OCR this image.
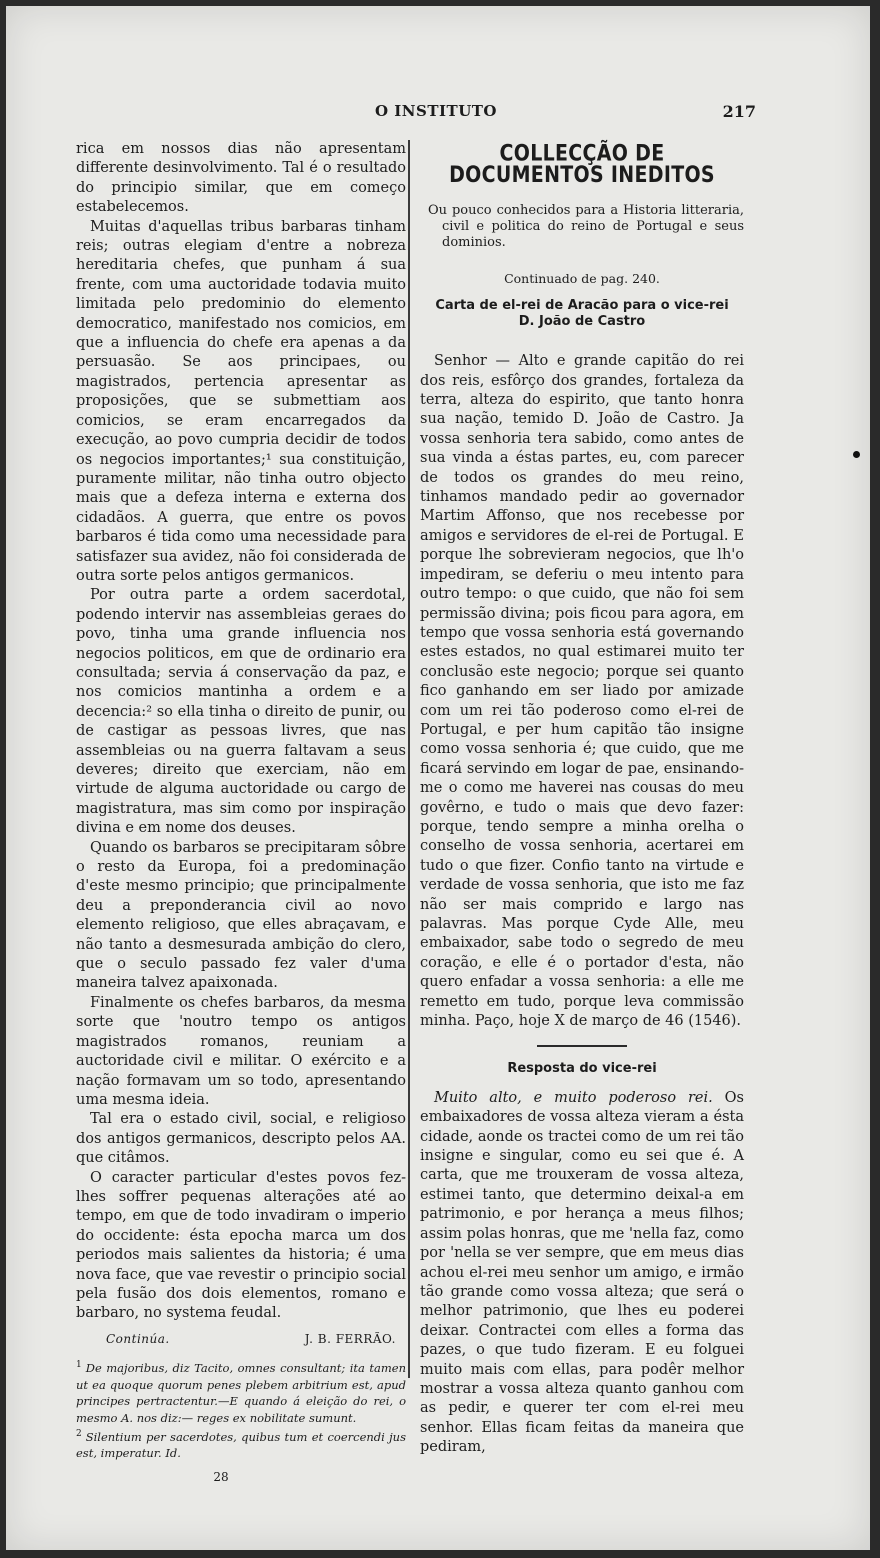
O INSTITUTO	217

rica em nossos dias não apresentam differente desinvolvimento. Tal é o resultado do principio similar, que em começo estabelecemos.

Muitas d'aquellas tribus barbaras tinham reis; outras elegiam d'entre a nobreza hereditaria chefes, que punham á sua frente, com uma auctoridade todavia muito limitada pelo predominio do elemento democratico, manifestado nos comicios, em que a influencia do chefe era apenas a da persuasão. Se aos principaes, ou magistrados, pertencia apresentar as proposições, que se submettiam aos comicios, se eram encarregados da execução, ao povo cumpria decidir de todos os negocios importantes;¹ sua constituição, puramente militar, não tinha outro objecto mais que a defeza interna e externa dos cidadãos. A guerra, que entre os povos barbaros é tida como uma necessidade para satisfazer sua avidez, não foi considerada de outra sorte pelos antigos germanicos.

Por outra parte a ordem sacerdotal, podendo intervir nas assembleias geraes do povo, tinha uma grande influencia nos negocios politicos, em que de ordinario era consultada; servia á conservação da paz, e nos comicios mantinha a ordem e a decencia:² so ella tinha o direito de punir, ou de castigar as pessoas livres, que nas assembleias ou na guerra faltavam a seus deveres; direito que exerciam, não em virtude de alguma auctoridade ou cargo de magistratura, mas sim como por inspiração divina e em nome dos deuses.

Quando os barbaros se precipitaram sôbre o resto da Europa, foi a predominação d'este mesmo principio; que principalmente deu a preponderancia civil ao novo elemento religioso, que elles abraçavam, e não tanto a desmesurada ambição do clero, que o seculo passado fez valer d'uma maneira talvez apaixonada.

Finalmente os chefes barbaros, da mesma sorte que 'noutro tempo os antigos magistrados romanos, reuniam a auctoridade civil e militar. O exército e a nação formavam um so todo, apresentando uma mesma ideia.

Tal era o estado civil, social, e religioso dos antigos germanicos, descripto pelos AA. que citâmos.

O caracter particular d'estes povos fez-lhes soffrer pequenas alterações até ao tempo, em que de todo invadiram o imperio do occidente: ésta epocha marca um dos periodos mais salientes da historia; é uma nova face, que vae revestir o principio social pela fusão dos dois elementos, romano e barbaro, no systema feudal.

Continúa.	J. B. FERRÃO.

$^1$ De majoribus, diz Tacito, omnes consultant; ita tamen ut ea quoque quorum penes plebem arbitrium est, apud principes pertractentur.—E quando á eleição do rei, o mesmo A. nos diz:— reges ex nobilitate sumunt.

$^2$ Silentium per sacerdotes, quibus tum et coercendi jus est, imperatur. Id.

28
COLLECÇÃO DE DOCUMENTOS INEDITOS
Ou pouco conhecidos para a Historia litteraria, civil e politica do reino de Portugal e seus dominios.
Continuado de pag. 240.
Carta de el-rei de Aracão para o vice-rei
D. João de Castro

Senhor — Alto e grande capitão do rei dos reis, esfôrço dos grandes, fortaleza da terra, alteza do espirito, que tanto honra sua nação, temido D. João de Castro. Ja vossa senhoria tera sabido, como antes de sua vinda a éstas partes, eu, com parecer de todos os grandes do meu reino, tinhamos mandado pedir ao governador Martim Affonso, que nos recebesse por amigos e servidores de el-rei de Portugal. E porque lhe sobrevieram negocios, que lh'o impediram, se deferiu o meu intento para outro tempo: o que cuido, que não foi sem permissão divina; pois ficou para agora, em tempo que vossa senhoria está governando estes estados, no qual estimarei muito ter conclusão este negocio; porque sei quanto fico ganhando em ser liado por amizade com um rei tão poderoso como el-rei de Portugal, e per hum capitão tão insigne como vossa senhoria é; que cuido, que me ficará servindo em logar de pae, ensinando-me o como me haverei nas cousas do meu govêrno, e tudo o mais que devo fazer: porque, tendo sempre a minha orelha o conselho de vossa senhoria, acertarei em tudo o que fizer. Confio tanto na virtude e verdade de vossa senhoria, que isto me faz não ser mais comprido e largo nas palavras. Mas porque Cyde Alle, meu embaixador, sabe todo o segredo de meu coração, e elle é o portador d'esta, não quero enfadar a vossa senhoria: a elle me remetto em tudo, porque leva commissão minha. Paço, hoje X de março de 46 (1546).

Resposta do vice-rei

Muito alto, e muito poderoso rei. Os embaixadores de vossa alteza vieram a ésta cidade, aonde os tractei como de um rei tão insigne e singular, como eu sei que é. A carta, que me trouxeram de vossa alteza, estimei tanto, que determino deixal-a em patrimonio, e por herança a meus filhos; assim polas honras, que me 'nella faz, como por 'nella se ver sempre, que em meus dias achou el-rei meu senhor um amigo, e irmão tão grande como vossa alteza; que será o melhor patrimonio, que lhes eu poderei deixar. Contractei com elles a forma das pazes, o que tudo fizeram. E eu folguei muito mais com ellas, para podêr melhor mostrar a vossa alteza quanto ganhou com as pedir, e querer ter com el-rei meu senhor. Ellas ficam feitas da maneira que pediram,
